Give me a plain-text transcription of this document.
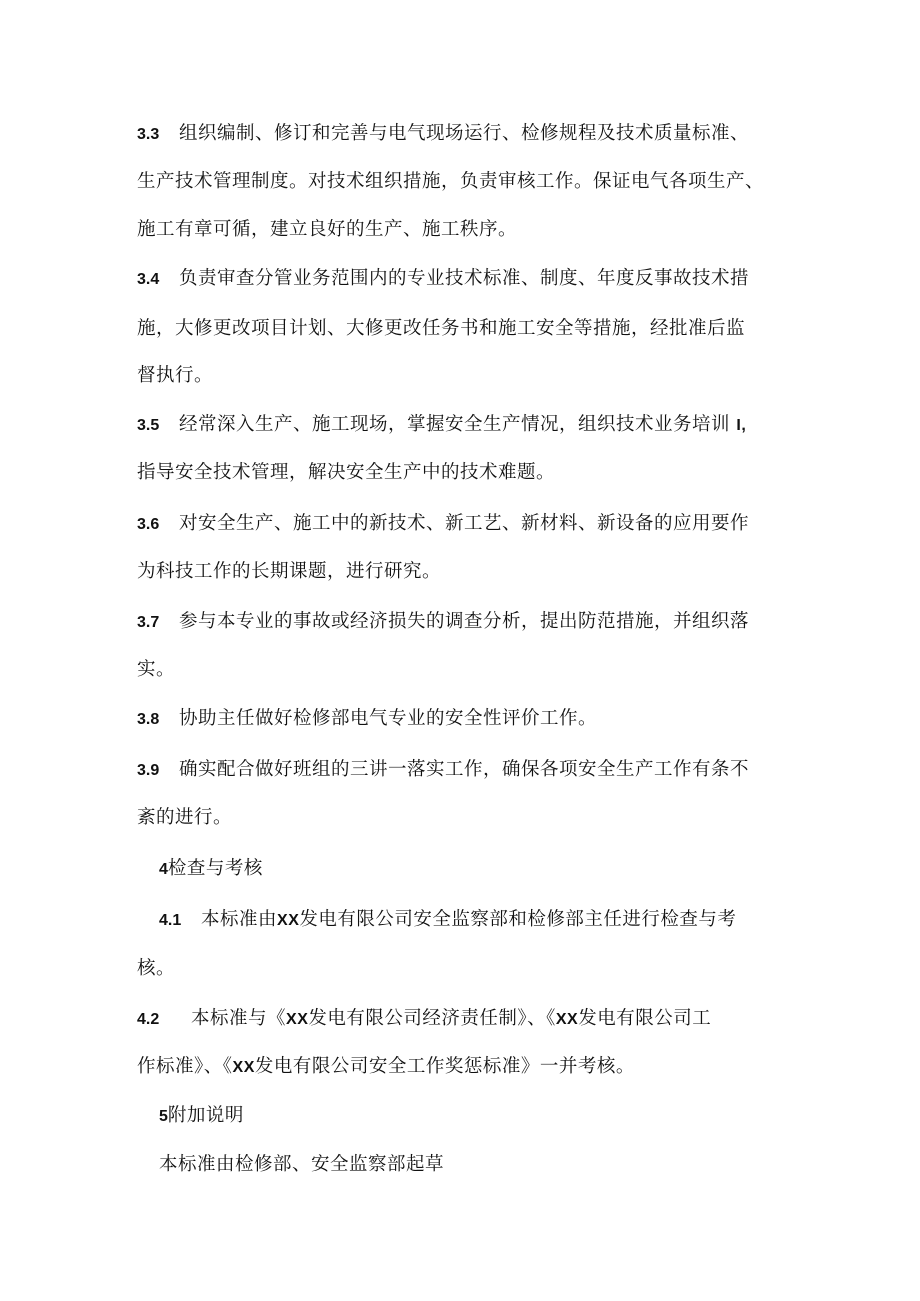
3.3 组织编制、修订和完善与电气现场运行、检修规程及技术质量标准、
生产技术管理制度。对技术组织措施，负责审核工作。保证电气各项生产、
施工有章可循，建立良好的生产、施工秩序。
3.4 负责审查分管业务范围内的专业技术标准、制度、年度反事故技术措
施，大修更改项目计划、大修更改任务书和施工安全等措施，经批准后监
督执行。
3.5 经常深入生产、施工现场，掌握安全生产情况，组织技术业务培训 I,
指导安全技术管理，解决安全生产中的技术难题。
3.6 对安全生产、施工中的新技术、新工艺、新材料、新设备的应用要作
为科技工作的长期课题，进行研究。
3.7 参与本专业的事故或经济损失的调查分析，提出防范措施，并组织落
实。
3.8 协助主任做好检修部电气专业的安全性评价工作。
3.9 确实配合做好班组的三讲一落实工作，确保各项安全生产工作有条不
紊的进行。
4检查与考核
4.1 本标准由XX发电有限公司安全监察部和检修部主任进行检查与考
核。
4.2 本标准与《XX发电有限公司经济责任制》、《XX发电有限公司工
作标准》、《XX发电有限公司安全工作奖惩标准》一并考核。
5附加说明
本标准由检修部、安全监察部起草
